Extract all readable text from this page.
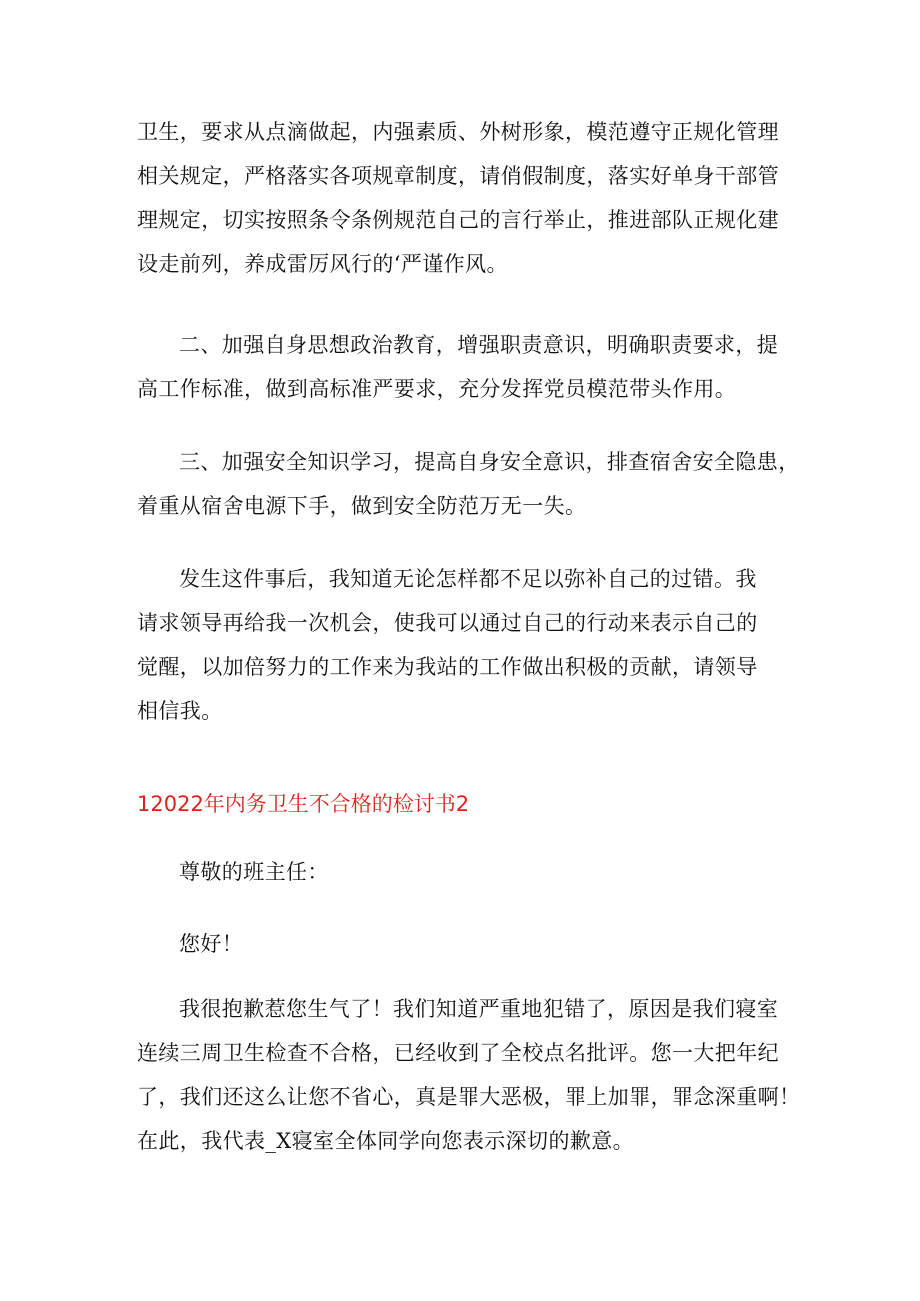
卫生，要求从点滴做起，内强素质、外树形象，模范遵守正规化管理
相关规定，严格落实各项规章制度，请俏假制度，落实好单身干部管
理规定，切实按照条令条例规范自己的言行举止，推进部队正规化建
设走前列，养成雷厉风行的‘严谨作风。

二、加强自身思想政治教育，增强职责意识，明确职责要求，提
高工作标准，做到高标准严要求，充分发挥党员模范带头作用。

三、加强安全知识学习，提高自身安全意识，排查宿舍安全隐患，
着重从宿舍电源下手，做到安全防范万无一失。

发生这件事后，我知道无论怎样都不足以弥补自己的过错。我
请求领导再给我一次机会，使我可以通过自己的行动来表示自己的
觉醒，以加倍努力的工作来为我站的工作做出积极的贡献，请领导
相信我。

12022年内务卫生不合格的检讨书2

尊敬的班主任：

您好！

我很抱歉惹您生气了！我们知道严重地犯错了，原因是我们寝室
连续三周卫生检查不合格，已经收到了全校点名批评。您一大把年纪
了，我们还这么让您不省心，真是罪大恶极，罪上加罪，罪念深重啊！
在此，我代表_X寝室全体同学向您表示深切的歉意。
